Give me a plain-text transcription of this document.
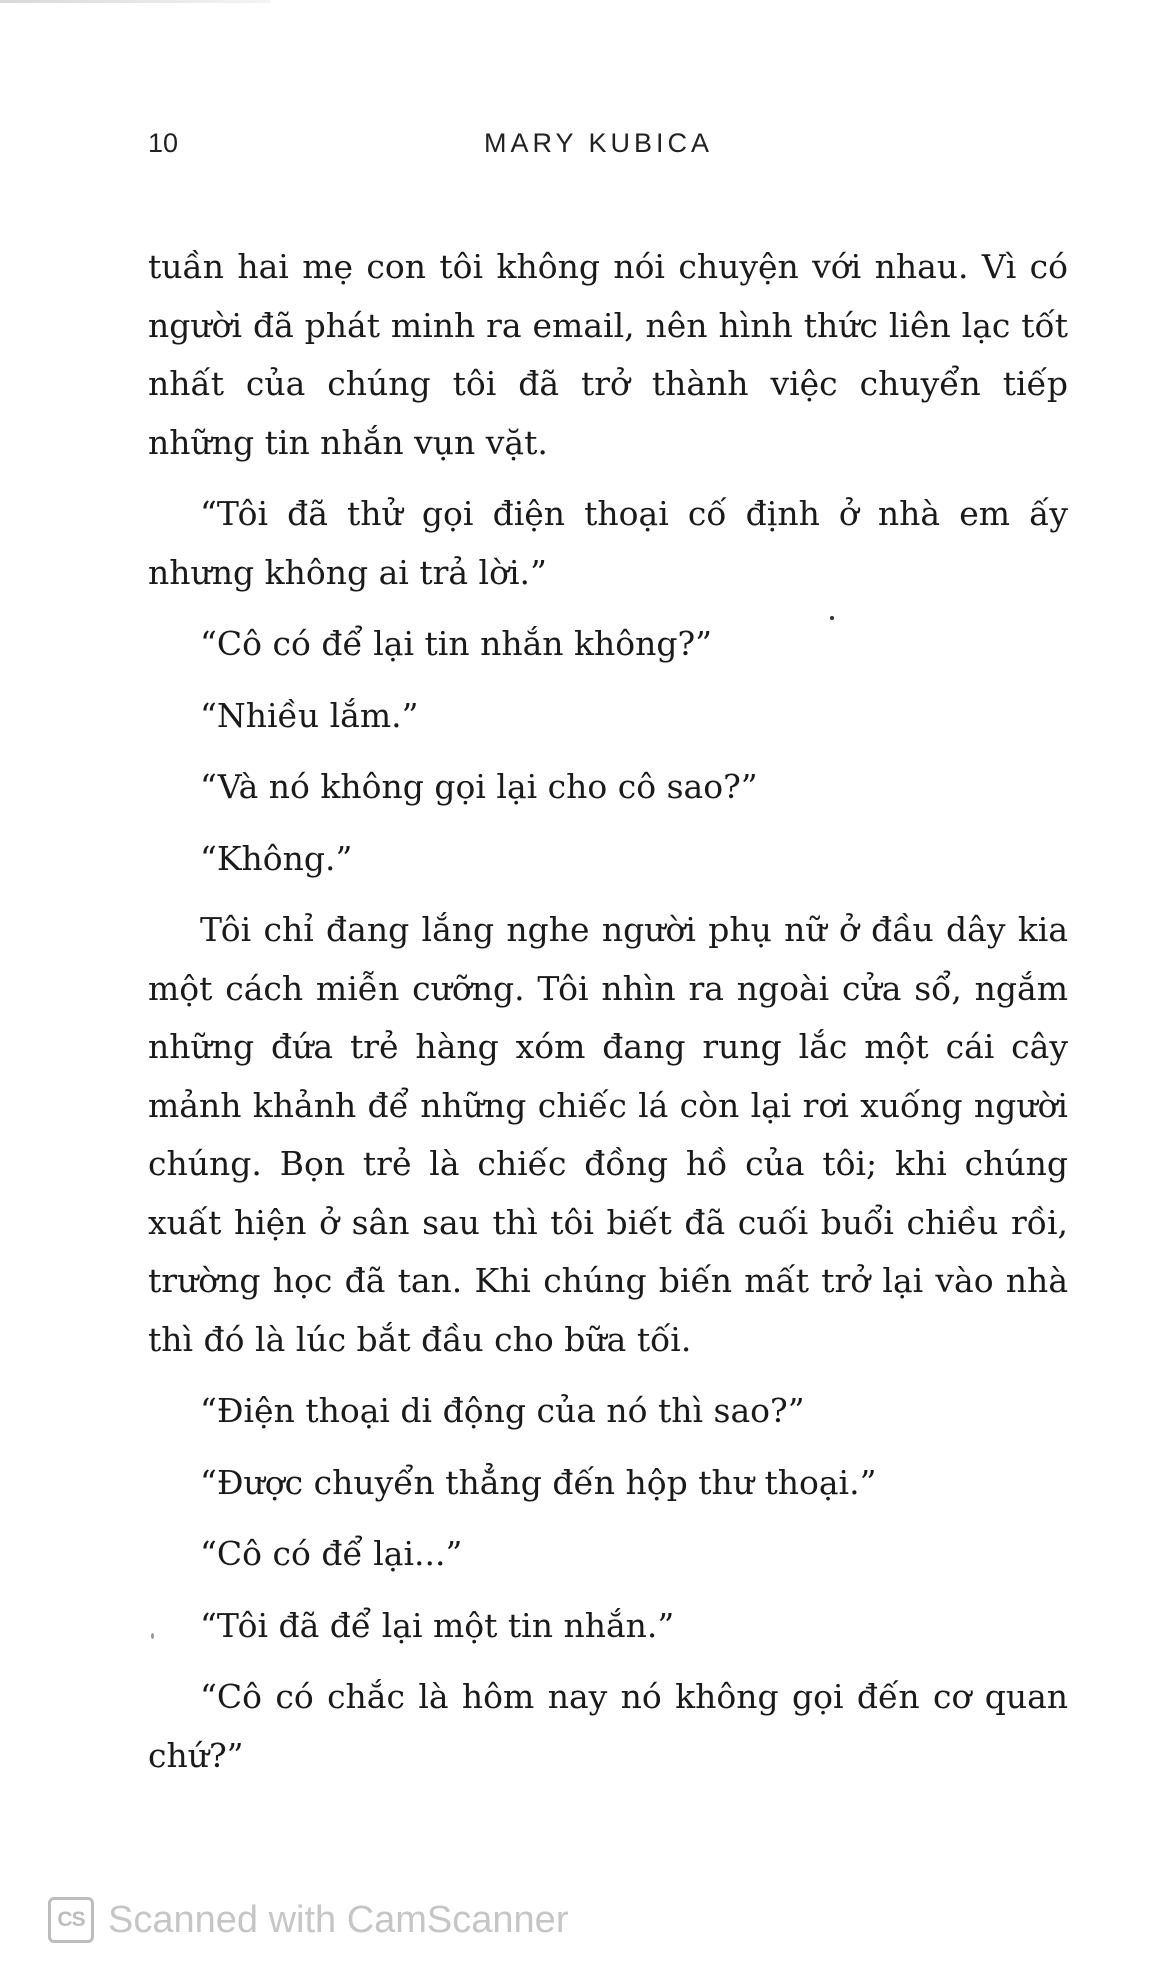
10	MARY KUBICA

tuần hai mẹ con tôi không nói chuyện với nhau. Vì có người đã phát minh ra email, nên hình thức liên lạc tốt nhất của chúng tôi đã trở thành việc chuyển tiếp những tin nhắn vụn vặt.

“Tôi đã thử gọi điện thoại cố định ở nhà em ấy nhưng không ai trả lời.”

“Cô có để lại tin nhắn không?”

“Nhiều lắm.”

“Và nó không gọi lại cho cô sao?”

“Không.”

Tôi chỉ đang lắng nghe người phụ nữ ở đầu dây kia một cách miễn cưỡng. Tôi nhìn ra ngoài cửa sổ, ngắm những đứa trẻ hàng xóm đang rung lắc một cái cây mảnh khảnh để những chiếc lá còn lại rơi xuống người chúng. Bọn trẻ là chiếc đồng hồ của tôi; khi chúng xuất hiện ở sân sau thì tôi biết đã cuối buổi chiều rồi, trường học đã tan. Khi chúng biến mất trở lại vào nhà thì đó là lúc bắt đầu cho bữa tối.

“Điện thoại di động của nó thì sao?”

“Được chuyển thẳng đến hộp thư thoại.”

“Cô có để lại...”

“Tôi đã để lại một tin nhắn.”

“Cô có chắc là hôm nay nó không gọi đến cơ quan chứ?”

CS Scanned with CamScanner
